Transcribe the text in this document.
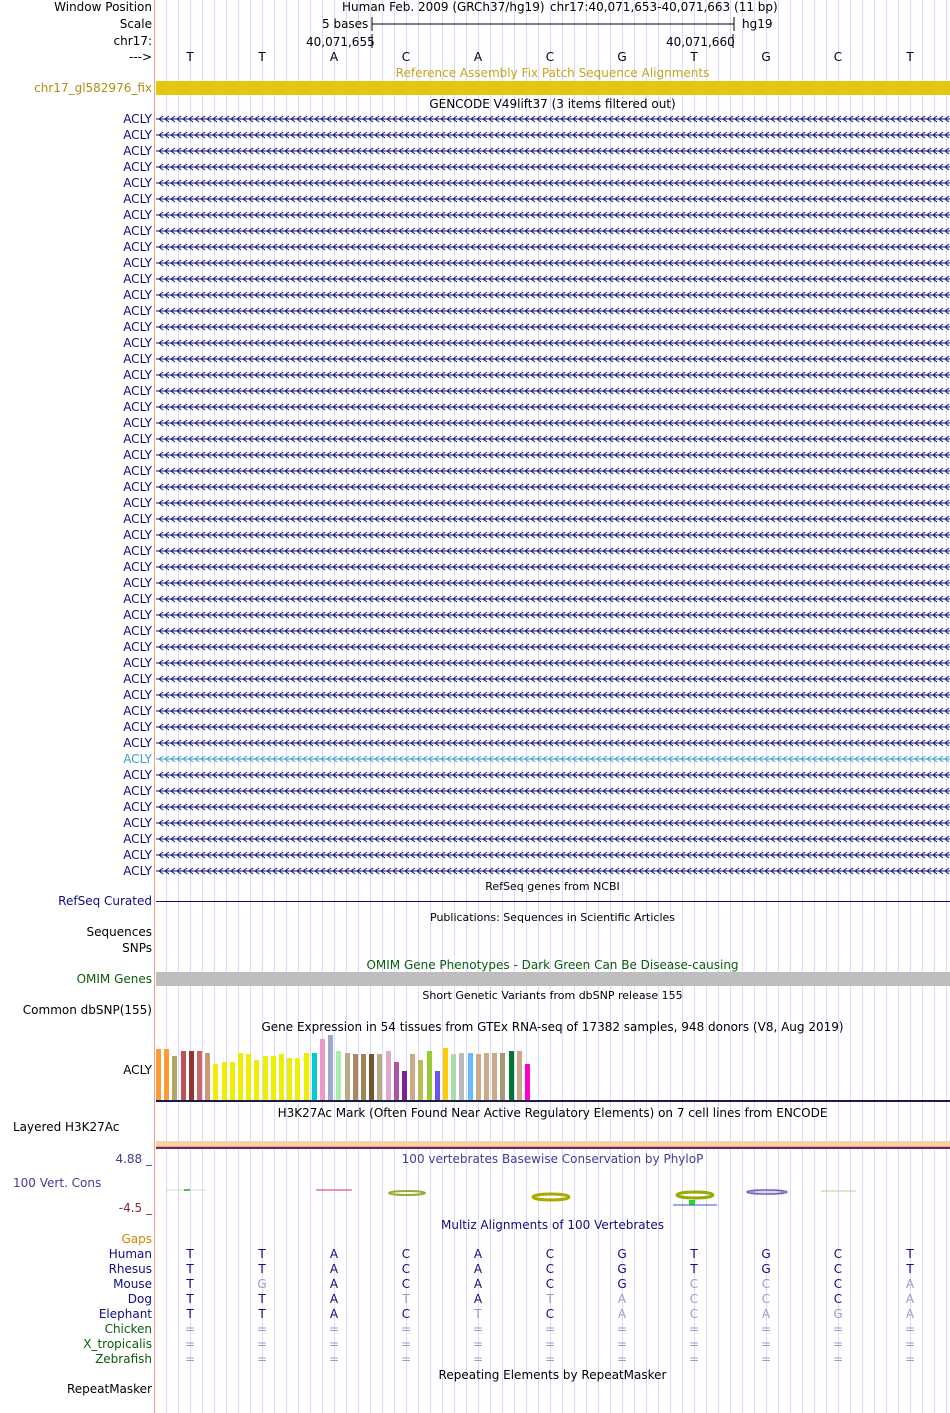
Window Position
Scale
chr17:
--->
Human Feb. 2009 (GRCh37/hg19) chr17:40,071,653-40,071,663 (11 bp)
5 bases	hg19
40,071,655	40,071,660
T	T	A	C	A	C	G	T	G	C	T
Reference Assembly Fix Patch Sequence Alignments
chr17_gl582976_fix
GENCODE V49lift37 (3 items filtered out)
ACLY
ACLY
ACLY
ACLY
ACLY
ACLY
ACLY
ACLY
ACLY
ACLY
ACLY
ACLY
ACLY
ACLY
ACLY
ACLY
ACLY
ACLY
ACLY
ACLY
ACLY
ACLY
ACLY
ACLY
ACLY
ACLY
ACLY
ACLY
ACLY
ACLY
ACLY
ACLY
ACLY
ACLY
ACLY
ACLY
ACLY
ACLY
ACLY
ACLY
ACLY
ACLY
ACLY
ACLY
ACLY
ACLY
ACLY
ACLY
RefSeq genes from NCBI
RefSeq Curated
Publications: Sequences in Scientific Articles
Sequences
SNPs
OMIM Gene Phenotypes - Dark Green Can Be Disease-causing
OMIM Genes
Short Genetic Variants from dbSNP release 155
Common dbSNP(155)
Gene Expression in 54 tissues from GTEx RNA-seq of 17382 samples, 948 donors (V8, Aug 2019)
ACLY
H3K27Ac Mark (Often Found Near Active Regulatory Elements) on 7 cell lines from ENCODE
Layered H3K27Ac
100 vertebrates Basewise Conservation by PhyloP
4.88 _
100 Vert. Cons
-4.5 _
Multiz Alignments of 100 Vertebrates
Gaps
Human	T	T	A	C	A	C	G	T	G	C	T
Rhesus	T	T	A	C	A	C	G	T	G	C	T
Mouse	T	G	A	C	A	C	G	C	C	C	A
Dog	T	T	A	T	A	T	A	C	C	C	A
Elephant	T	T	A	C	T	C	A	C	A	G	A
Chicken	=	=	=	=	=	=	=	=	=	=	=
X_tropicalis	=	=	=	=	=	=	=	=	=	=	=
Zebrafish	=	=	=	=	=	=	=	=	=	=	=
Repeating Elements by RepeatMasker
RepeatMasker
